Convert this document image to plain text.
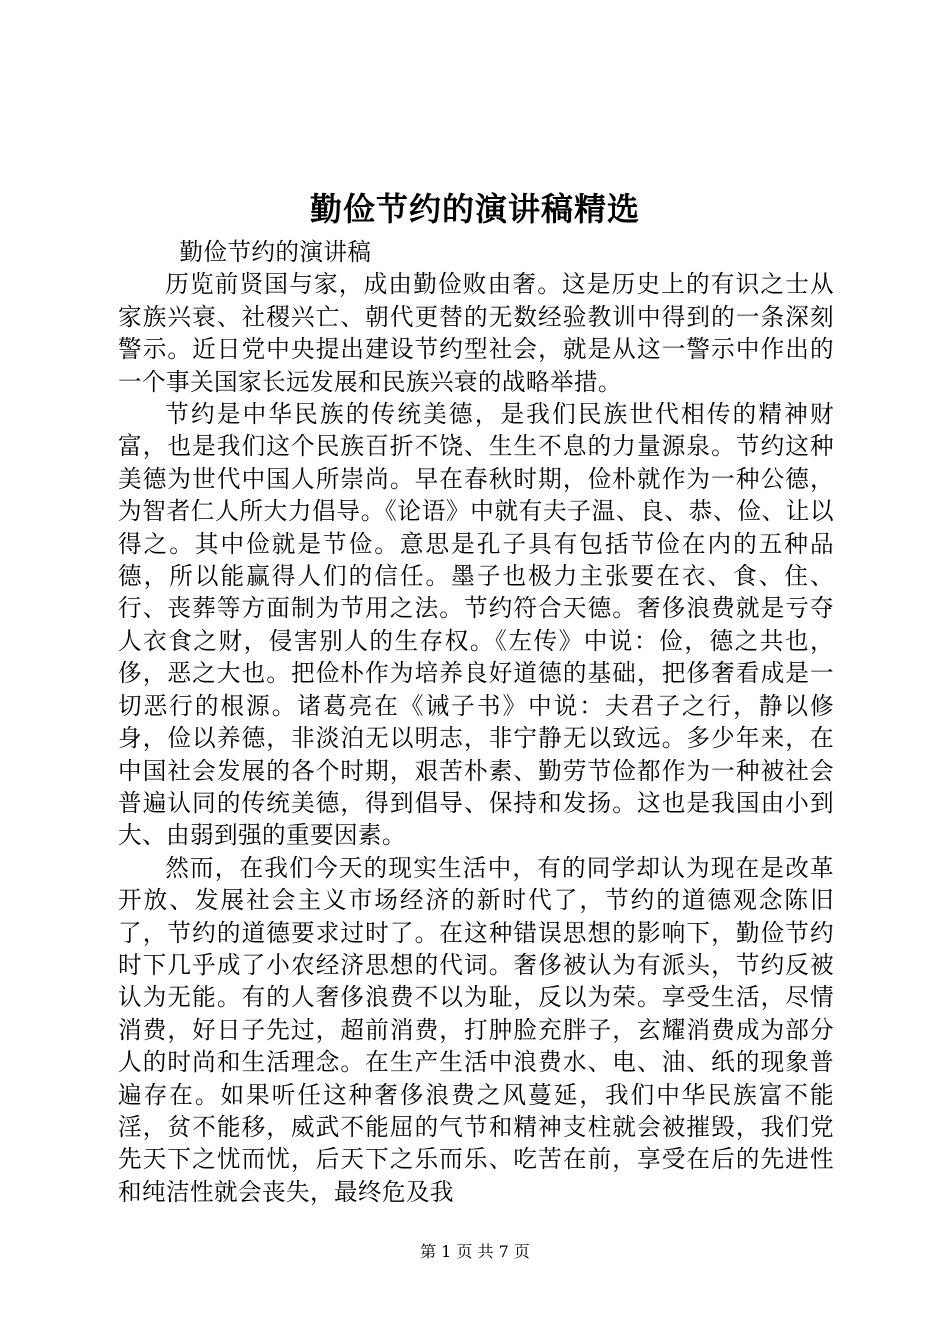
勤俭节约的演讲稿精选

勤俭节约的演讲稿

历览前贤国与家，成由勤俭败由奢。这是历史上的有识之士从家族兴衰、社稷兴亡、朝代更替的无数经验教训中得到的一条深刻警示。近日党中央提出建设节约型社会，就是从这一警示中作出的一个事关国家长远发展和民族兴衰的战略举措。

节约是中华民族的传统美德，是我们民族世代相传的精神财富，也是我们这个民族百折不饶、生生不息的力量源泉。节约这种美德为世代中国人所崇尚。早在春秋时期，俭朴就作为一种公德，为智者仁人所大力倡导。《论语》中就有夫子温、良、恭、俭、让以得之。其中俭就是节俭。意思是孔子具有包括节俭在内的五种品德，所以能赢得人们的信任。墨子也极力主张要在衣、食、住、行、丧葬等方面制为节用之法。节约符合天德。奢侈浪费就是亏夺人衣食之财，侵害别人的生存权。《左传》中说：俭，德之共也，侈，恶之大也。把俭朴作为培养良好道德的基础，把侈奢看成是一切恶行的根源。诸葛亮在《诫子书》中说：夫君子之行，静以修身，俭以养德，非淡泊无以明志，非宁静无以致远。多少年来，在中国社会发展的各个时期，艰苦朴素、勤劳节俭都作为一种被社会普遍认同的传统美德，得到倡导、保持和发扬。这也是我国由小到大、由弱到强的重要因素。

然而，在我们今天的现实生活中，有的同学却认为现在是改革开放、发展社会主义市场经济的新时代了，节约的道德观念陈旧了，节约的道德要求过时了。在这种错误思想的影响下，勤俭节约时下几乎成了小农经济思想的代词。奢侈被认为有派头，节约反被认为无能。有的人奢侈浪费不以为耻，反以为荣。享受生活，尽情消费，好日子先过，超前消费，打肿脸充胖子，玄耀消费成为部分人的时尚和生活理念。在生产生活中浪费水、电、油、纸的现象普遍存在。如果听任这种奢侈浪费之风蔓延，我们中华民族富不能淫，贫不能移，威武不能屈的气节和精神支柱就会被摧毁，我们党先天下之忧而忧，后天下之乐而乐、吃苦在前，享受在后的先进性和纯洁性就会丧失，最终危及我

第 1 页 共 7 页
